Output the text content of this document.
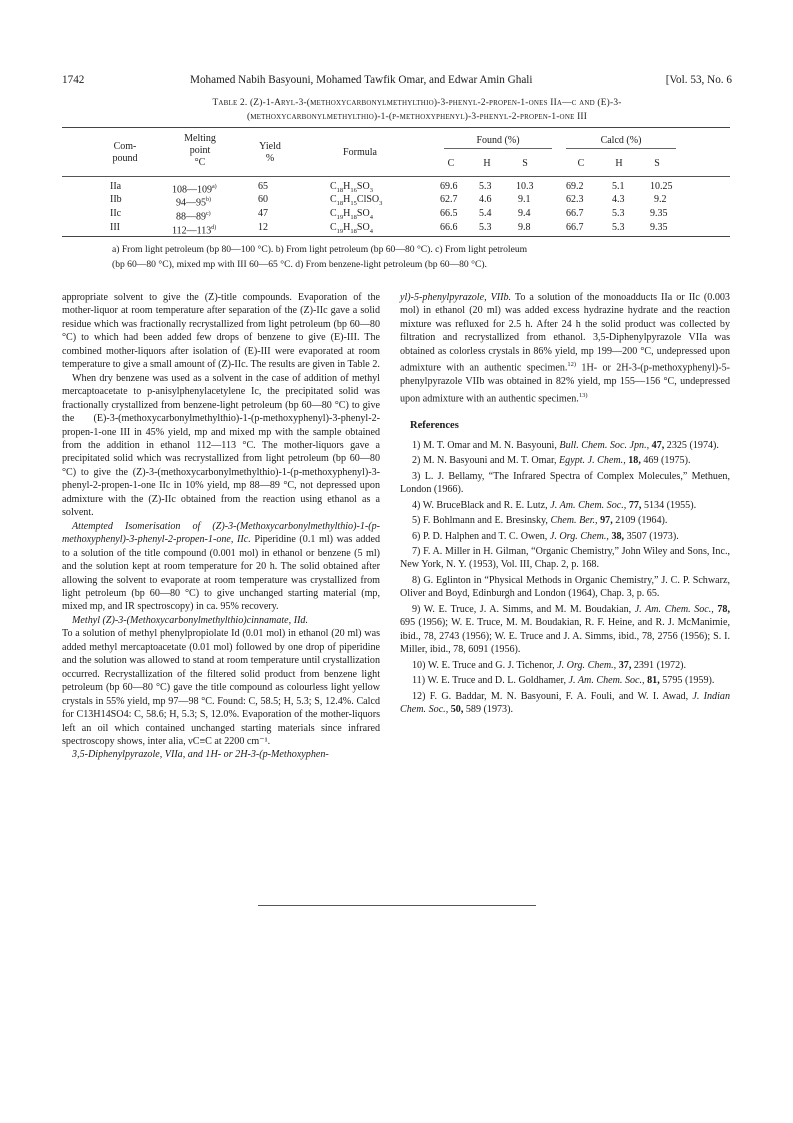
1742	Mohamed Nabih Basyouni, Mohamed Tawfik Omar, and Edwar Amin Ghali	[Vol. 53, No. 6
Table 2. (Z)-1-Aryl-3-(methoxycarbonylmethylthio)-3-phenyl-2-propen-1-ones IIa—c and (E)-3-
(methoxycarbonylmethylthio)-1-(p-methoxyphenyl)-3-phenyl-2-propen-1-one III
Com-
pound
Melting
point
°C
Yield
%
Formula
Found (%)	Calcd (%)
C	H	S	C	H	S
IIa	108—109$^{a)}$	65	$C_{18}H_{16}SO_3$	69.6 5.3 10.3	69.2	5.1	10.25
IIb	94—95$^{b)}$	60	$C_{18}H_{15}ClSO_3$	62.7 4.6	9.1	62.3	4.3	9.2
IIc	88—89$^{c)}$	47	$C_{19}H_{18}SO_4$	66.5 5.4	9.4	66.7	5.3	9.35
III	112—113$^{d)}$	12	$C_{19}H_{18}SO_4$	66.6 5.3	9.8	66.7	5.3	9.35
a) From light petroleum (bp 80—100 °C). b) From light petroleum (bp 60—80 °C). c) From light petroleum
(bp 60—80 °C), mixed mp with III 60—65 °C. d) From benzene-light petroleum (bp 60—80 °C).

appropriate solvent to give the (Z)-title compounds. Evaporation of the mother-liquor at room temperature after separation of the (Z)-IIc gave a solid residue which was fractionally recrystallized from light petroleum (bp 60—80 °C) to which had been added few drops of benzene to give (E)-III. The combined mother-liquors after isolation of (E)-III were evaporated at room temperature to give a small amount of (Z)-IIc. The results are given in Table 2.

When dry benzene was used as a solvent in the case of addition of methyl mercaptoacetate to p-anisylphenylacetylene Ic, the precipitated solid was fractionally crystallized from benzene-light petroleum (bp 60—80 °C) to give the (E)-3-(methoxycarbonylmethylthio)-1-(p-methoxyphenyl)-3-phenyl-2-propen-1-one III in 45% yield, mp and mixed mp with the sample obtained from the addition in ethanol 112—113 °C. The mother-liquors gave a precipitated solid which was recrystallized from light petroleum (bp 60—80 °C) to give the (Z)-3-(methoxycarbonylmethylthio)-1-(p-methoxyphenyl)-3-phenyl-2-propen-1-one IIc in 10% yield, mp 88—89 °C, not depressed upon admixture with the (Z)-IIc obtained from the reaction using ethanol as a solvent.

Attempted Isomerisation of (Z)-3-(Methoxycarbonylmethylthio)-1-(p-methoxyphenyl)-3-phenyl-2-propen-1-one, IIc. Piperidine (0.1 ml) was added to a solution of the title compound (0.001 mol) in ethanol or benzene (5 ml) and the solution kept at room temperature for 20 h. The solid obtained after allowing the solvent to evaporate at room temperature was crystallized from light petroleum (bp 60—80 °C) to give unchanged starting material (mp, mixed mp, and IR spectroscopy) in ca. 95% recovery.

Methyl (Z)-3-(Methoxycarbonylmethylthio)cinnamate, IId.

To a solution of methyl phenylpropiolate Id (0.01 mol) in ethanol (20 ml) was added methyl mercaptoacetate (0.01 mol) followed by one drop of piperidine and the solution was allowed to stand at room temperature until crystallization occurred. Recrystallization of the filtered solid product from benzene light petroleum (bp 60—80 °C) gave the title compound as colourless light yellow crystals in 55% yield, mp 97—98 °C. Found: C, 58.5; H, 5.3; S, 12.4%. Calcd for C13H14SO4: C, 58.6; H, 5.3; S, 12.0%. Evaporation of the mother-liquors left an oil which contained unchanged starting materials since infrared spectroscopy shows, inter alia, νC≡C at 2200 cm⁻¹.

3,5-Diphenylpyrazole, VIIa, and 1H- or 2H-3-(p-Methoxyphen-

yl)-5-phenylpyrazole, VIIb. To a solution of the monoadducts IIa or IIc (0.003 mol) in ethanol (20 ml) was added excess hydrazine hydrate and the reaction mixture was refluxed for 2.5 h. After 24 h the solid product was collected by filtration and recrystallized from ethanol. 3,5-Diphenylpyrazole VIIa was obtained as colorless crystals in 86% yield, mp 199—200 °C, undepressed upon admixture with an authentic specimen.$^{12)}$ 1H- or 2H-3-(p-methoxyphenyl)-5-phenylpyrazole VIIb was obtained in 82% yield, mp 155—156 °C, undepressed upon admixture with an authentic specimen.$^{13)}$

References

1) M. T. Omar and M. N. Basyouni, Bull. Chem. Soc. Jpn., 47, 2325 (1974).

2) M. N. Basyouni and M. T. Omar, Egypt. J. Chem., 18, 469 (1975).

3) L. J. Bellamy, “The Infrared Spectra of Complex Molecules,” Methuen, London (1966).

4) W. BruceBlack and R. E. Lutz, J. Am. Chem. Soc., 77, 5134 (1955).

5) F. Bohlmann and E. Bresinsky, Chem. Ber., 97, 2109 (1964).

6) P. D. Halphen and T. C. Owen, J. Org. Chem., 38, 3507 (1973).

7) F. A. Miller in H. Gilman, “Organic Chemistry,” John Wiley and Sons, Inc., New York, N. Y. (1953), Vol. III, Chap. 2, p. 168.

8) G. Eglinton in “Physical Methods in Organic Chemistry,” J. C. P. Schwarz, Oliver and Boyd, Edinburgh and London (1964), Chap. 3, p. 65.

9) W. E. Truce, J. A. Simms, and M. M. Boudakian, J. Am. Chem. Soc., 78, 695 (1956); W. E. Truce, M. M. Boudakian, R. F. Heine, and R. J. McManimie, ibid., 78, 2743 (1956); W. E. Truce and J. A. Simms, ibid., 78, 2756 (1956); S. I. Miller, ibid., 78, 6091 (1956).

10) W. E. Truce and G. J. Tichenor, J. Org. Chem., 37, 2391 (1972).

11) W. E. Truce and D. L. Goldhamer, J. Am. Chem. Soc., 81, 5795 (1959).

12) F. G. Baddar, M. N. Basyouni, F. A. Fouli, and W. I. Awad, J. Indian Chem. Soc., 50, 589 (1973).
